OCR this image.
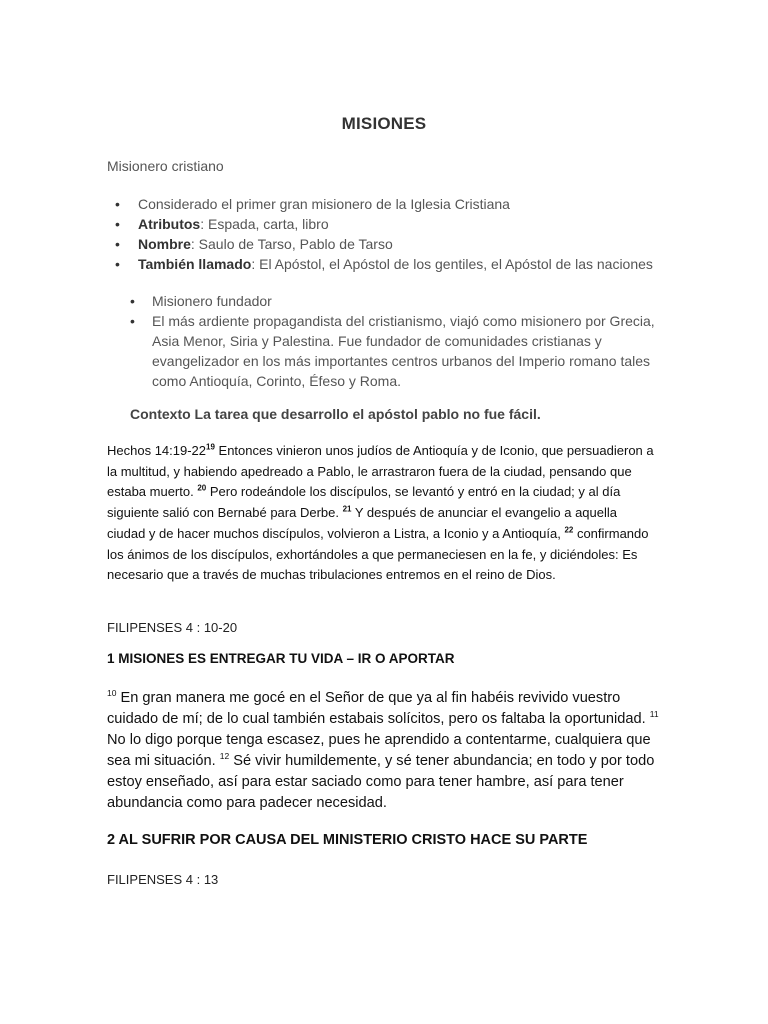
MISIONES
Misionero cristiano
• Considerado el primer gran misionero de la Iglesia Cristiana
• Atributos: Espada, carta, libro
• Nombre: Saulo de Tarso, Pablo de Tarso
• También llamado: El Apóstol, el Apóstol de los gentiles, el Apóstol de las naciones
• Misionero fundador
• El más ardiente propagandista del cristianismo, viajó como misionero por Grecia, Asia Menor, Siria y Palestina. Fue fundador de comunidades cristianas y evangelizador en los más importantes centros urbanos del Imperio romano tales como Antioquía, Corinto, Éfeso y Roma.
Contexto La tarea que desarrollo el apóstol pablo no fue fácil.
Hechos $14:19-22^{19}$ Entonces vinieron unos judíos de Antioquía y de Iconio, que persuadieron a la multitud, y habiendo apedreado a Pablo, le arrastraron fuera de la ciudad, pensando que estaba muerto. $^{20}$ Pero rodeándole los discípulos, se levantó y entró en la ciudad; y al día siguiente salió con Bernabé para Derbe. $^{21}$ Y después de anunciar el evangelio a aquella ciudad y de hacer muchos discípulos, volvieron a Listra, a Iconio y a Antioquía, $^{22}$ confirmando los ánimos de los discípulos, exhortándoles a que permaneciesen en la fe, y diciéndoles: Es necesario que a través de muchas tribulaciones entremos en el reino de Dios.
FILIPENSES 4 : 10-20
1 MISIONES ES ENTREGAR TU VIDA – IR O APORTAR
$^{10}$ En gran manera me gocé en el Señor de que ya al fin habéis revivido vuestro cuidado de mí; de lo cual también estabais solícitos, pero os faltaba la oportunidad. $^{11}$ No lo digo porque tenga escasez, pues he aprendido a contentarme, cualquiera que sea mi situación. $^{12}$ Sé vivir humildemente, y sé tener abundancia; en todo y por todo estoy enseñado, así para estar saciado como para tener hambre, así para tener abundancia como para padecer necesidad.
2 AL SUFRIR POR CAUSA DEL MINISTERIO CRISTO HACE SU PARTE
FILIPENSES 4 : 13
